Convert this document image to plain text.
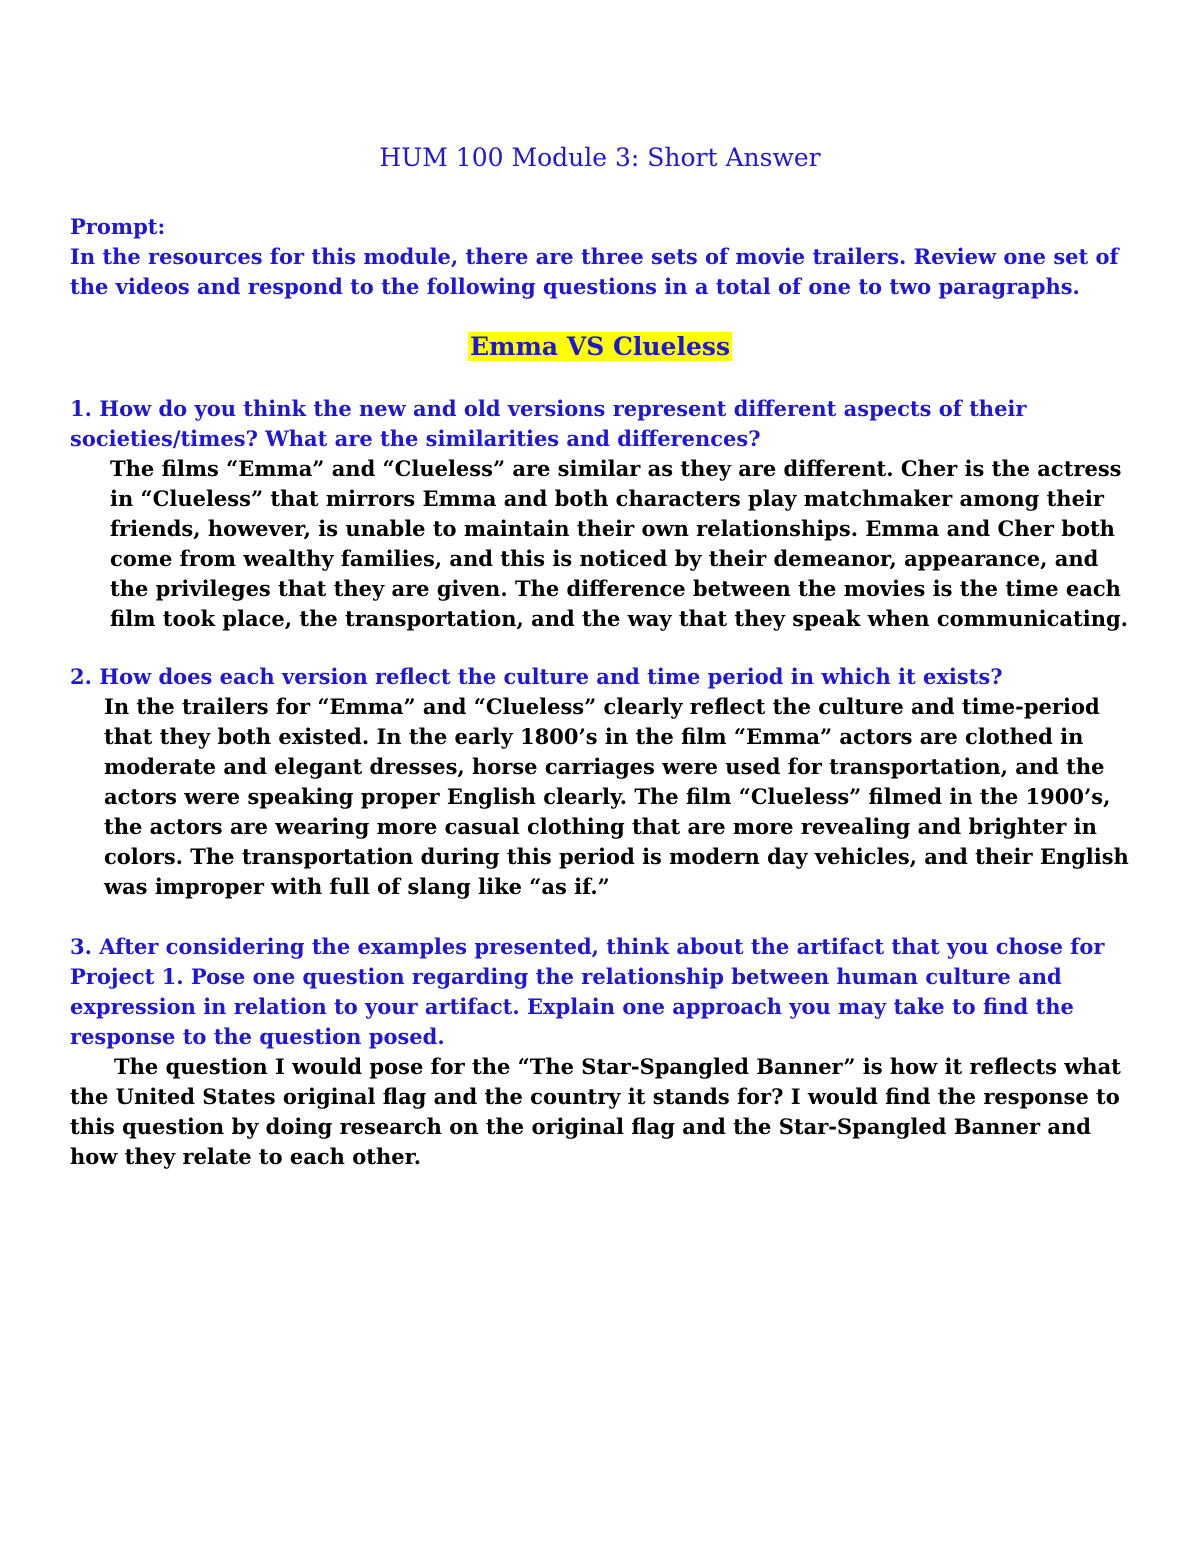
HUM 100 Module 3: Short Answer

Prompt:

In the resources for this module, there are three sets of movie trailers. Review one set of the videos and respond to the following questions in a total of one to two paragraphs.

Emma VS Clueless

1. How do you think the new and old versions represent different aspects of their societies/times? What are the similarities and differences?

The films “Emma” and “Clueless” are similar as they are different. Cher is the actress in “Clueless” that mirrors Emma and both characters play matchmaker among their friends, however, is unable to maintain their own relationships. Emma and Cher both come from wealthy families, and this is noticed by their demeanor, appearance, and the privileges that they are given. The difference between the movies is the time each film took place, the transportation, and the way that they speak when communicating.

2. How does each version reflect the culture and time period in which it exists?

In the trailers for “Emma” and “Clueless” clearly reflect the culture and time-period that they both existed. In the early 1800’s in the film “Emma” actors are clothed in moderate and elegant dresses, horse carriages were used for transportation, and the actors were speaking proper English clearly. The film “Clueless” filmed in the 1900’s, the actors are wearing more casual clothing that are more revealing and brighter in colors. The transportation during this period is modern day vehicles, and their English was improper with full of slang like “as if.”

3. After considering the examples presented, think about the artifact that you chose for Project 1. Pose one question regarding the relationship between human culture and expression in relation to your artifact. Explain one approach you may take to find the response to the question posed.

The question I would pose for the “The Star-Spangled Banner” is how it reflects what the United States original flag and the country it stands for? I would find the response to this question by doing research on the original flag and the Star-Spangled Banner and how they relate to each other.
